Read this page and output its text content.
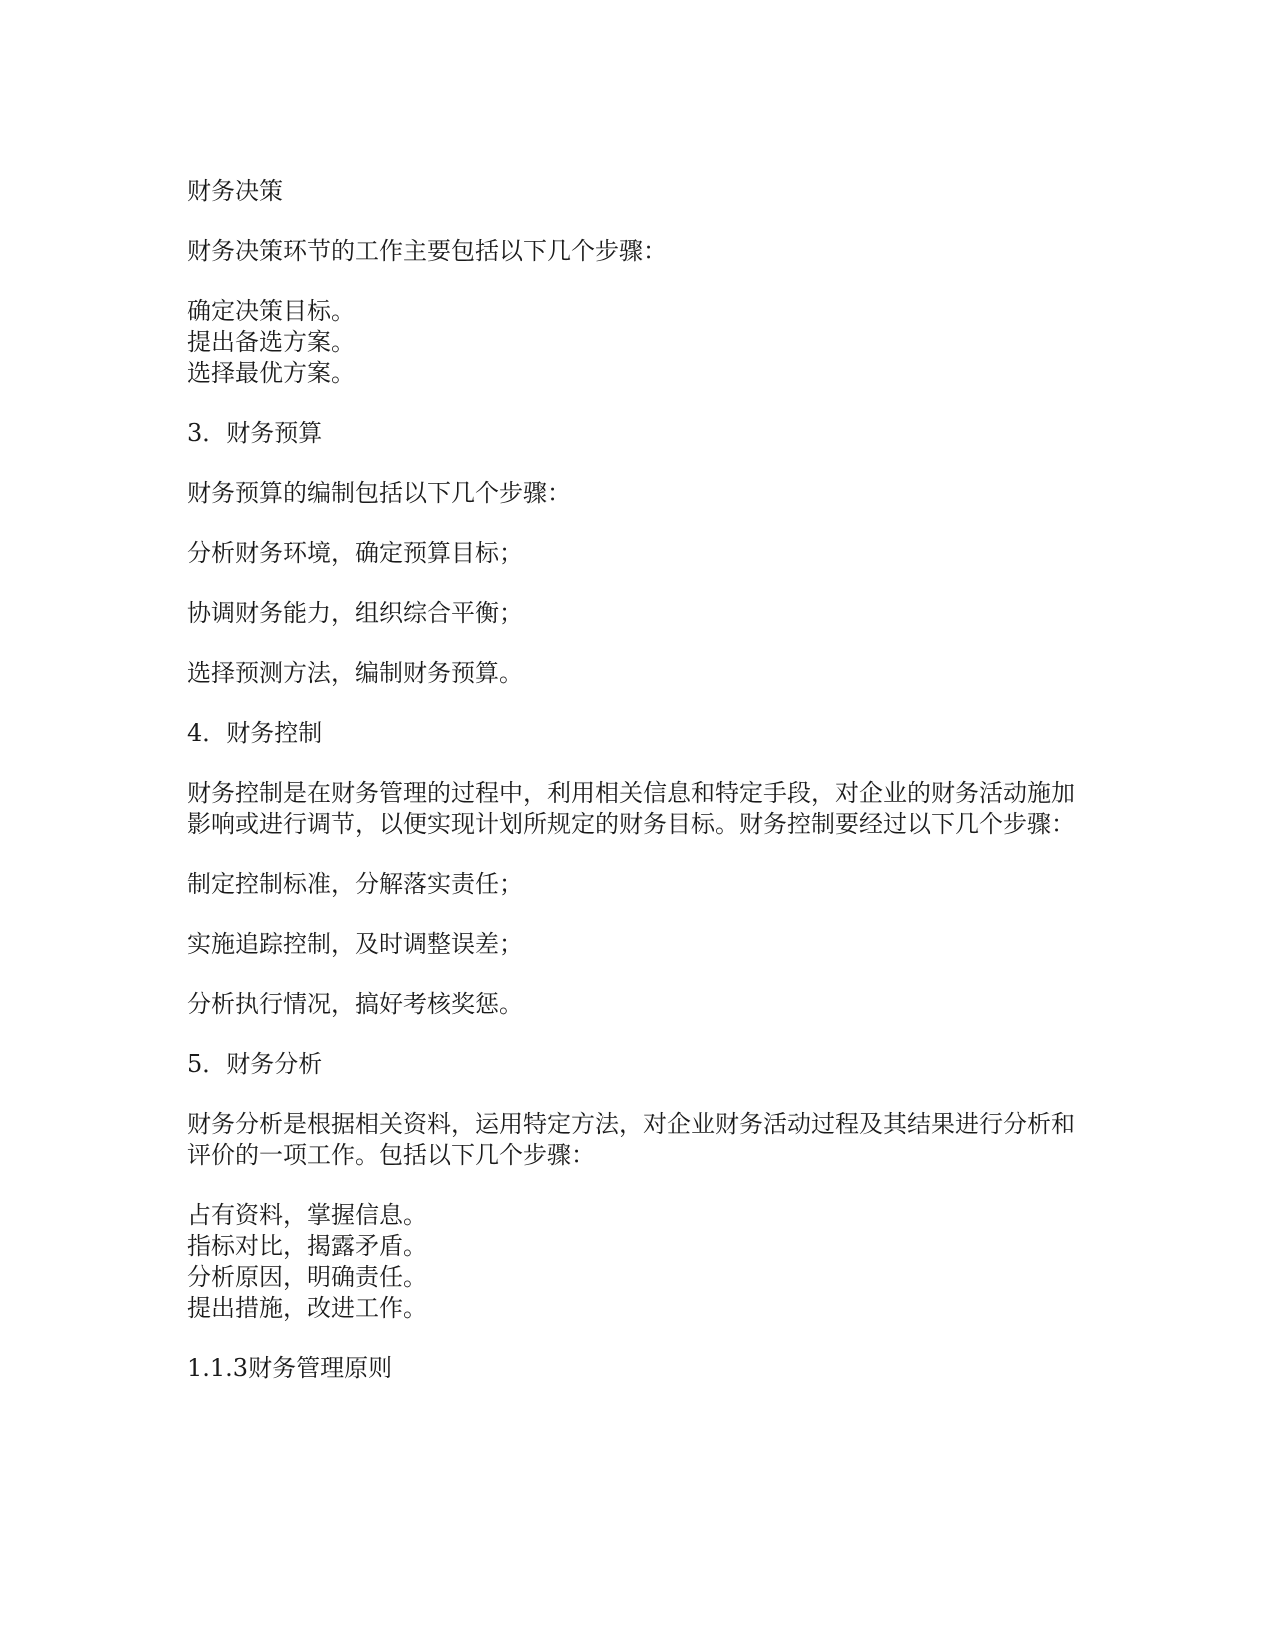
财务决策

财务决策环节的工作主要包括以下几个步骤：

确定决策目标。

提出备选方案。

选择最优方案。

3．财务预算

财务预算的编制包括以下几个步骤：

分析财务环境，确定预算目标；

协调财务能力，组织综合平衡；

选择预测方法，编制财务预算。

4．财务控制

财务控制是在财务管理的过程中，利用相关信息和特定手段，对企业的财务活动施加影响或进行调节，以便实现计划所规定的财务目标。财务控制要经过以下几个步骤：

制定控制标准，分解落实责任；

实施追踪控制，及时调整误差；

分析执行情况，搞好考核奖惩。

5．财务分析

财务分析是根据相关资料，运用特定方法，对企业财务活动过程及其结果进行分析和评价的一项工作。包括以下几个步骤：

占有资料，掌握信息。

指标对比，揭露矛盾。

分析原因，明确责任。

提出措施，改进工作。

1.1.3财务管理原则
